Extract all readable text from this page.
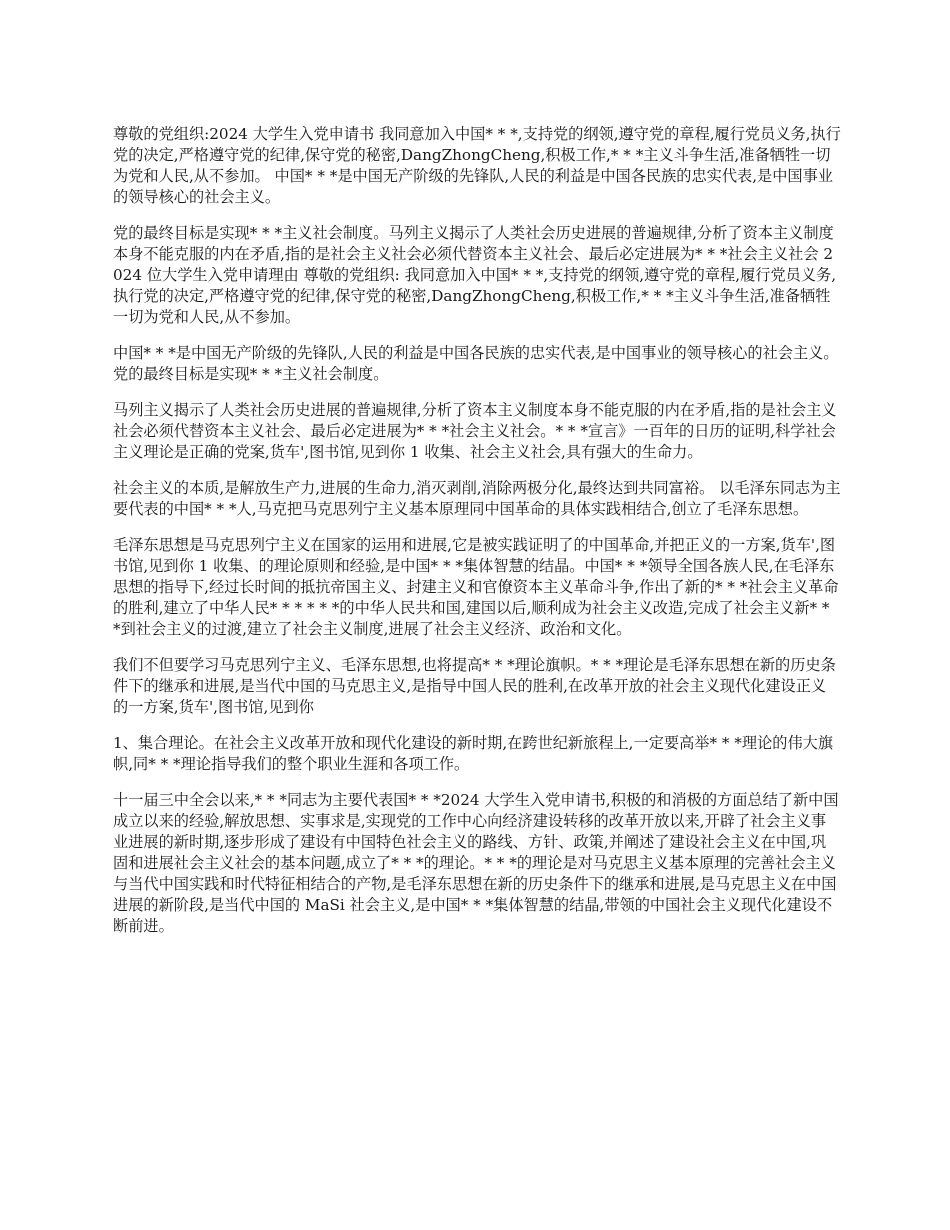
尊敬的党组织:2024 大学生入党申请书 我同意加入中国* * *,支持党的纲领,遵守党的章程,履行党员义务,执行党的决定,严格遵守党的纪律,保守党的秘密,DangZhongCheng,积极工作,* * *主义斗争生活,准备牺牲一切为党和人民,从不参加。 中国* * *是中国无产阶级的先锋队,人民的利益是中国各民族的忠实代表,是中国事业的领导核心的社会主义。

党的最终目标是实现* * *主义社会制度。马列主义揭示了人类社会历史进展的普遍规律,分析了资本主义制度本身不能克服的内在矛盾,指的是社会主义社会必须代替资本主义社会、最后必定进展为* * *社会主义社会 2024 位大学生入党申请理由 尊敬的党组织: 我同意加入中国* * *,支持党的纲领,遵守党的章程,履行党员义务,执行党的决定,严格遵守党的纪律,保守党的秘密,DangZhongCheng,积极工作,* * *主义斗争生活,准备牺牲一切为党和人民,从不参加。

中国* * *是中国无产阶级的先锋队,人民的利益是中国各民族的忠实代表,是中国事业的领导核心的社会主义。党的最终目标是实现* * *主义社会制度。

马列主义揭示了人类社会历史进展的普遍规律,分析了资本主义制度本身不能克服的内在矛盾,指的是社会主义社会必须代替资本主义社会、最后必定进展为* * *社会主义社会。* * *宣言》一百年的日历的证明,科学社会主义理论是正确的党案,货车',图书馆,见到你 1 收集、社会主义社会,具有强大的生命力。

社会主义的本质,是解放生产力,进展的生命力,消灭剥削,消除两极分化,最终达到共同富裕。 以毛泽东同志为主要代表的中国* * *人,马克把马克思列宁主义基本原理同中国革命的具体实践相结合,创立了毛泽东思想。

毛泽东思想是马克思列宁主义在国家的运用和进展,它是被实践证明了的中国革命,并把正义的一方案,货车',图书馆,见到你 1 收集、的理论原则和经验,是中国* * *集体智慧的结晶。中国* * *领导全国各族人民,在毛泽东思想的指导下,经过长时间的抵抗帝国主义、封建主义和官僚资本主义革命斗争,作出了新的* * *社会主义革命的胜利,建立了中华人民* * * * * *的中华人民共和国,建国以后,顺利成为社会主义改造,完成了社会主义新* * *到社会主义的过渡,建立了社会主义制度,进展了社会主义经济、政治和文化。

我们不但要学习马克思列宁主义、毛泽东思想,也将提高* * *理论旗帜。* * *理论是毛泽东思想在新的历史条件下的继承和进展,是当代中国的马克思主义,是指导中国人民的胜利,在改革开放的社会主义现代化建设正义的一方案,货车',图书馆,见到你

1、集合理论。在社会主义改革开放和现代化建设的新时期,在跨世纪新旅程上,一定要高举* * *理论的伟大旗帜,同* * *理论指导我们的整个职业生涯和各项工作。

十一届三中全会以来,* * *同志为主要代表国* * *2024 大学生入党申请书,积极的和消极的方面总结了新中国成立以来的经验,解放思想、实事求是,实现党的工作中心向经济建设转移的改革开放以来,开辟了社会主义事业进展的新时期,逐步形成了建设有中国特色社会主义的路线、方针、政策,并阐述了建设社会主义在中国,巩固和进展社会主义社会的基本问题,成立了* * *的理论。* * *的理论是对马克思主义基本原理的完善社会主义与当代中国实践和时代特征相结合的产物,是毛泽东思想在新的历史条件下的继承和进展,是马克思主义在中国进展的新阶段,是当代中国的 MaSi 社会主义,是中国* * *集体智慧的结晶,带领的中国社会主义现代化建设不断前进。
